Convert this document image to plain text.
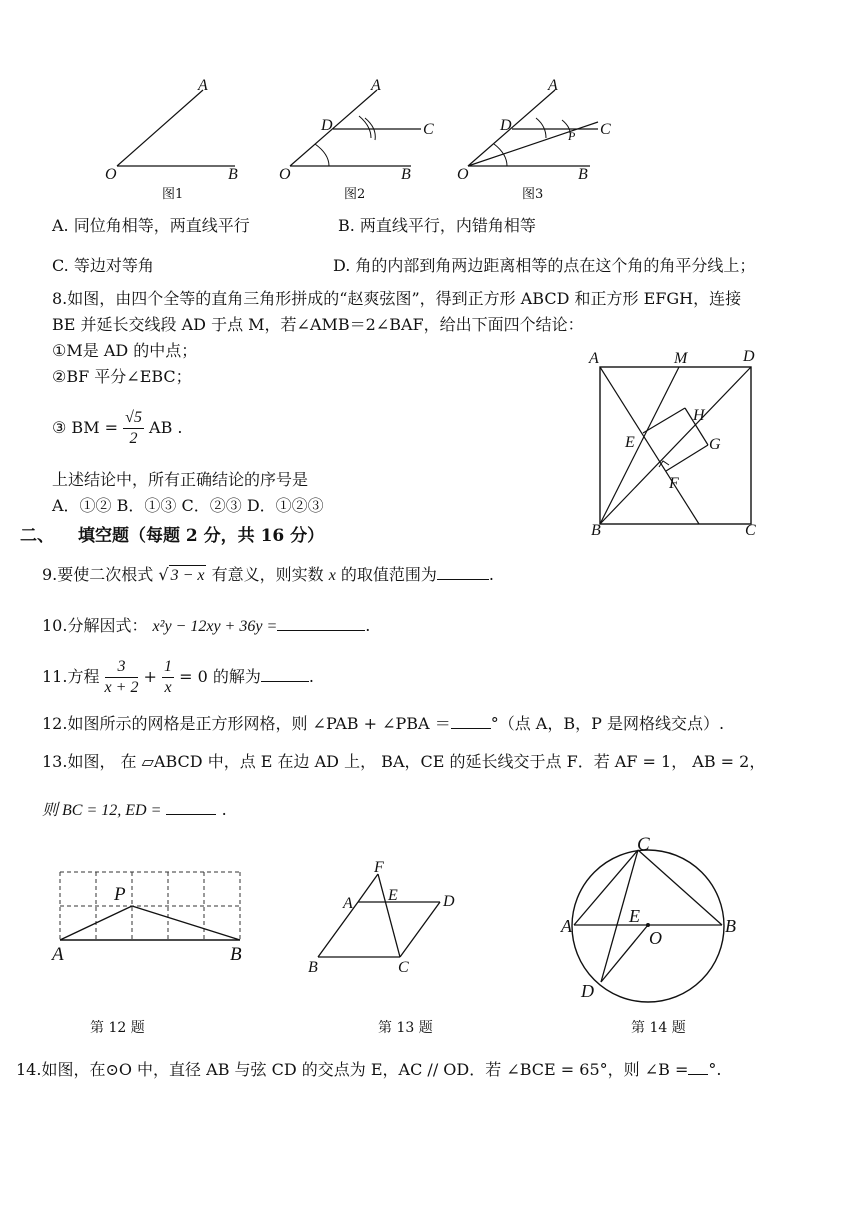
A
O	B
图1
A
D	C
O	B
图2
A
D
P C
O	B
图3
A. 同位角相等，两直线平行	B. 两直线平行，内错角相等
C. 等边对等角	D. 角的内部到角两边距离相等的点在这个角的角平分线上；
8.如图，由四个全等的直角三角形拼成的“赵爽弦图”，得到正方形 ABCD 和正方形 EFGH，连接
BE 并延长交线段 AD 于点 M，若∠AMB＝2∠BAF，给出下面四个结论：
①M是 AD 的中点；
②BF 平分∠EBC；
③ BM = $\frac{√5}{2}$ AB .
上述结论中，所有正确结论的序号是
A．①② B．①③ C．②③ D．①②③
A	M	D
H
E	G
F
B	C
二、 填空题（每题 2 分，共 16 分）
9.要使二次根式 √ 3 − x 有意义，则实数 x 的取值范围为	.
10.分解因式： x²y − 12xy + 36y =	.
11.方程 $\frac{3}{x + 2} + \frac{1}{x} = 0$ 的解为	.
12.如图所示的网格是正方形网格，则 ∠PAB + ∠PBA ＝	°（点 A，B，P 是网格线交点）.
13.如图， 在 ▱ABCD 中，点 E 在边 AD 上， BA，CE 的延长线交于点 F．若 AF = 1， AB = 2，
则 BC = 12, ED =	.
P
A	B
第 12 题
F
A E	D
B	C
第 13 题
C
A	E
O
B
D
第 14 题
14.如图，在⊙O 中，直径 AB 与弦 CD 的交点为 E，AC // OD．若 ∠BCE = 65°，则 ∠B = °.
